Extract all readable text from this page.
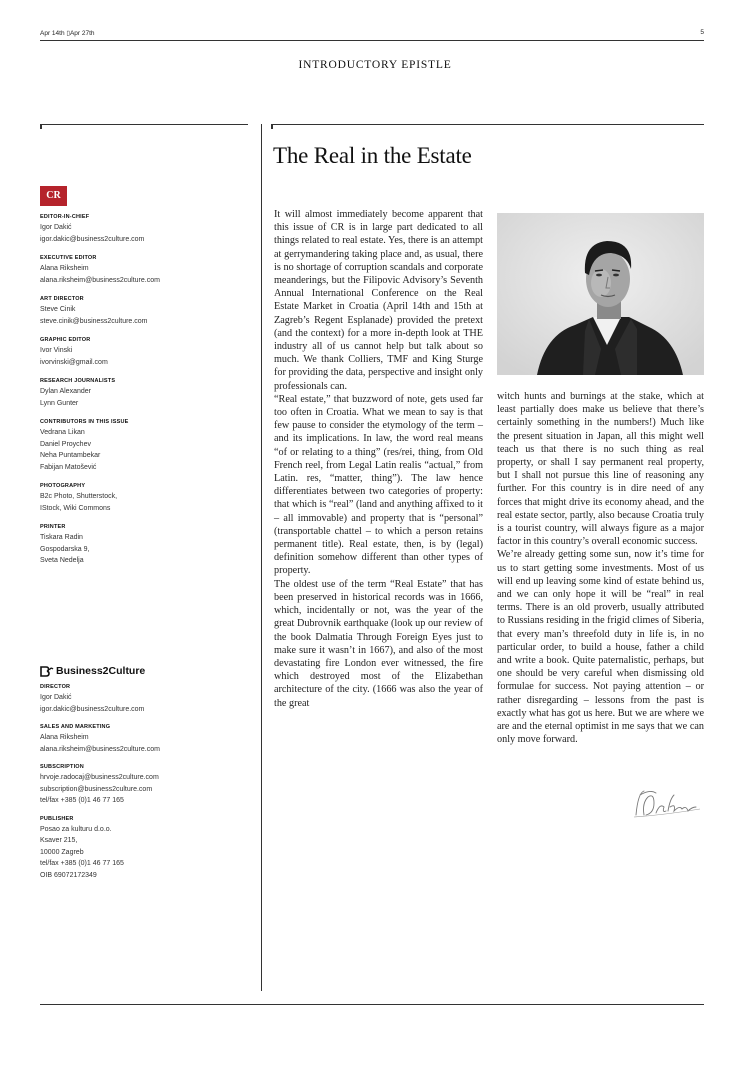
Apr 14th ▯Apr 27th	5
INTRODUCTORY EPISTLE
The Real in the Estate
CR
EDITOR-IN-CHIEF
Igor Dakić
igor.dakic@business2culture.com
EXECUTIVE EDITOR
Alana Riksheim
alana.riksheim@business2culture.com
ART DIRECTOR
Steve Cinik
steve.cinik@business2culture.com
GRAPHIC EDITOR
Ivor Vinski
ivorvinski@gmail.com
RESEARCH JOURNALISTS
Dylan Alexander
Lynn Gunter
CONTRIBUTORS IN THIS ISSUE
Vedrana Likan
Daniel Proychev
Neha Puntambekar
Fabijan Matošević
PHOTOGRAPHY
B2c Photo, Shutterstock,
IStock, Wiki Commons
PRINTER
Tiskara Radin
Gospodarska 9,
Sveta Nedelja
Business2Culture
DIRECTOR
Igor Dakić
igor.dakic@business2culture.com
SALES AND MARKETING
Alana Riksheim
alana.riksheim@business2culture.com
SUBSCRIPTION
hrvoje.radocaj@business2culture.com
subscription@business2culture.com
tel/fax +385 (0)1 46 77 165
PUBLISHER
Posao za kulturu d.o.o.
Ksaver 215,
10000 Zagreb
tel/fax +385 (0)1 46 77 165
OIB 69072172349

It will almost immediately become apparent that this issue of CR is in large part dedicated to all things related to real estate. Yes, there is an attempt at gerrymandering taking place and, as usual, there is no shortage of corruption scandals and corporate meanderings, but the Filipovic Advisory’s Seventh Annual International Conference on the Real Estate Market in Croatia (April 14th and 15th at Zagreb’s Regent Esplanade) provided the pretext (and the context) for a more in-depth look at THE industry all of us cannot help but talk about so much. We thank Colliers, TMF and King Sturge for providing the data, perspective and insight only professionals can.

“Real estate,” that buzzword of note, gets used far too often in Croatia. What we mean to say is that few pause to consider the etymology of the term – and its implications. In law, the word real means “of or relating to a thing” (res/rei, thing, from Old French reel, from Legal Latin realis “actual,” from Latin. res, “matter, thing”). The law hence differentiates between two categories of property: that which is “real” (land and anything affixed to it – all immovable) and property that is “personal” (transportable chattel – to which a person retains permanent title). Real estate, then, is by (legal) definition somehow different than other types of property.

The oldest use of the term “Real Estate” that has been preserved in historical records was in 1666, which, incidentally or not, was the year of the great Dubrovnik earthquake (look up our review of the book Dalmatia Through Foreign Eyes just to make sure it wasn’t in 1667), and also of the most devastating fire London ever witnessed, the fire which destroyed most of the Elizabethan architecture of the city. (1666 was also the year of the great

witch hunts and burnings at the stake, which at least partially does make us believe that there’s certainly something in the numbers!) Much like the present situation in Japan, all this might well teach us that there is no such thing as real property, or shall I say permanent real property, but I shall not pursue this line of reasoning any further. For this country is in dire need of any forces that might drive its economy ahead, and the real estate sector, partly, also because Croatia truly is a tourist country, will always figure as a major factor in this country’s overall economic success.

We’re already getting some sun, now it’s time for us to start getting some investments. Most of us will end up leaving some kind of estate behind us, and we can only hope it will be “real” in real terms. There is an old proverb, usually attributed to Russians residing in the frigid climes of Siberia, that every man’s threefold duty in life is, in no particular order, to build a house, father a child and write a book. Quite paternalistic, perhaps, but one should be very careful when dismissing old formulae for success. Not paying attention – or rather disregarding – lessons from the past is exactly what has got us here. But we are where we are and the eternal optimist in me says that we can only move forward.
